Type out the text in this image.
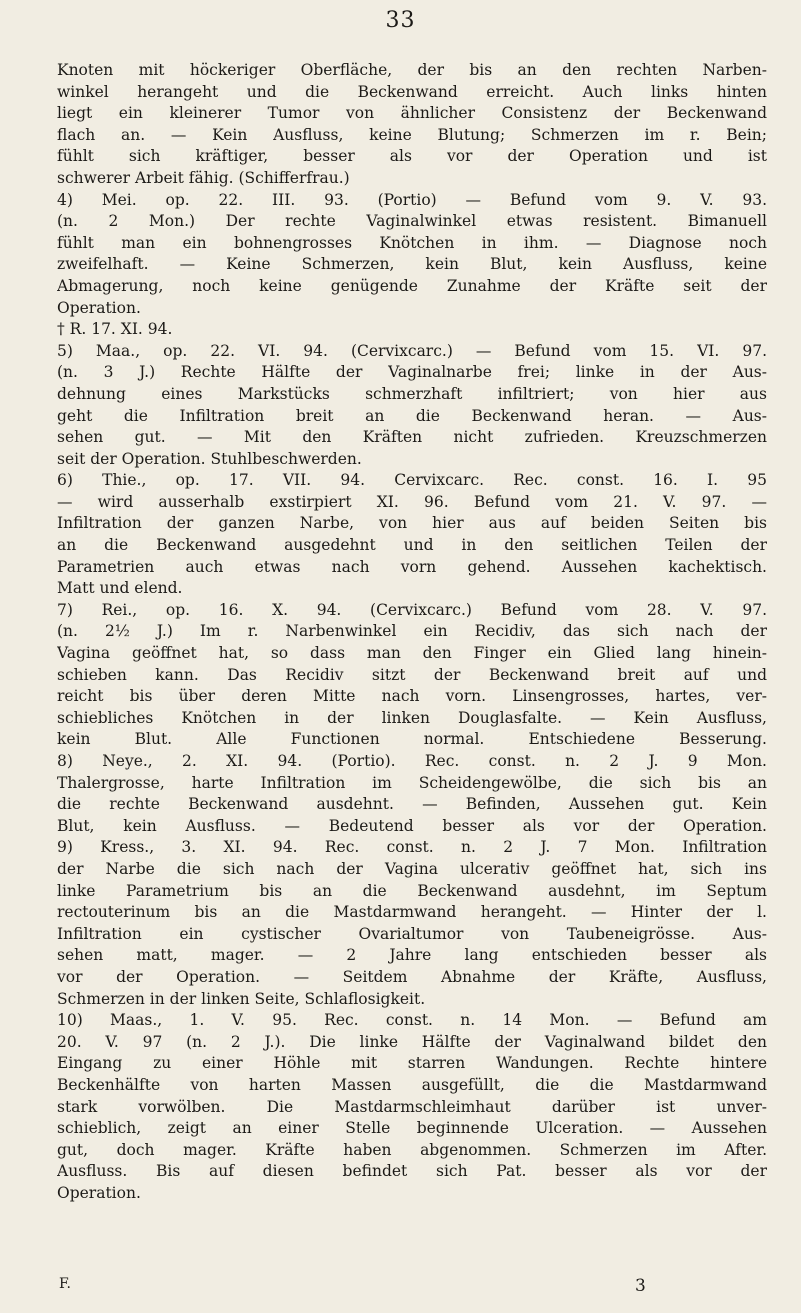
33
Knoten mit höckeriger Oberfläche, der bis an den rechten Narben-
winkel herangeht und die Beckenwand erreicht. Auch links hinten
liegt ein kleinerer Tumor von ähnlicher Consistenz der Beckenwand
flach an. — Kein Ausfluss, keine Blutung; Schmerzen im r. Bein;
fühlt sich kräftiger, besser als vor der Operation und ist
schwerer Arbeit fähig. (Schifferfrau.)
4) Mei. op. 22. III. 93. (Portio) — Befund vom 9. V. 93.
(n. 2 Mon.) Der rechte Vaginalwinkel etwas resistent. Bimanuell
fühlt man ein bohnengrosses Knötchen in ihm. — Diagnose noch
zweifelhaft. — Keine Schmerzen, kein Blut, kein Ausfluss, keine
Abmagerung, noch keine genügende Zunahme der Kräfte seit der
Operation.
† R. 17. XI. 94.
5) Maa., op. 22. VI. 94. (Cervixcarc.) — Befund vom 15. VI. 97.
(n. 3 J.) Rechte Hälfte der Vaginalnarbe frei; linke in der Aus-
dehnung eines Markstücks schmerzhaft infiltriert; von hier aus
geht die Infiltration breit an die Beckenwand heran. — Aus-
sehen gut. — Mit den Kräften nicht zufrieden. Kreuzschmerzen
seit der Operation. Stuhlbeschwerden.
6) Thie., op. 17. VII. 94. Cervixcarc. Rec. const. 16. I. 95
— wird ausserhalb exstirpiert XI. 96. Befund vom 21. V. 97. —
Infiltration der ganzen Narbe, von hier aus auf beiden Seiten bis
an die Beckenwand ausgedehnt und in den seitlichen Teilen der
Parametrien auch etwas nach vorn gehend. Aussehen kachektisch.
Matt und elend.
7) Rei., op. 16. X. 94. (Cervixcarc.) Befund vom 28. V. 97.
(n. 2½ J.) Im r. Narbenwinkel ein Recidiv, das sich nach der
Vagina geöffnet hat, so dass man den Finger ein Glied lang hinein-
schieben kann. Das Recidiv sitzt der Beckenwand breit auf und
reicht bis über deren Mitte nach vorn. Linsengrosses, hartes, ver-
schiebliches Knötchen in der linken Douglasfalte. — Kein Ausfluss,
kein Blut. Alle Functionen normal. Entschiedene Besserung.
8) Neye., 2. XI. 94. (Portio). Rec. const. n. 2 J. 9 Mon.
Thalergrosse, harte Infiltration im Scheidengewölbe, die sich bis an
die rechte Beckenwand ausdehnt. — Befinden, Aussehen gut. Kein
Blut, kein Ausfluss. — Bedeutend besser als vor der Operation.
9) Kress., 3. XI. 94. Rec. const. n. 2 J. 7 Mon. Infiltration
der Narbe die sich nach der Vagina ulcerativ geöffnet hat, sich ins
linke Parametrium bis an die Beckenwand ausdehnt, im Septum
rectouterinum bis an die Mastdarmwand herangeht. — Hinter der l.
Infiltration ein cystischer Ovarialtumor von Taubeneigrösse. Aus-
sehen matt, mager. — 2 Jahre lang entschieden besser als
vor der Operation. — Seitdem Abnahme der Kräfte, Ausfluss,
Schmerzen in der linken Seite, Schlaflosigkeit.
10) Maas., 1. V. 95. Rec. const. n. 14 Mon. — Befund am
20. V. 97 (n. 2 J.). Die linke Hälfte der Vaginalwand bildet den
Eingang zu einer Höhle mit starren Wandungen. Rechte hintere
Beckenhälfte von harten Massen ausgefüllt, die die Mastdarmwand
stark vorwölben. Die Mastdarmschleimhaut darüber ist unver-
schieblich, zeigt an einer Stelle beginnende Ulceration. — Aussehen
gut, doch mager. Kräfte haben abgenommen. Schmerzen im After.
Ausfluss. Bis auf diesen befindet sich Pat. besser als vor der
Operation.
F.	3
